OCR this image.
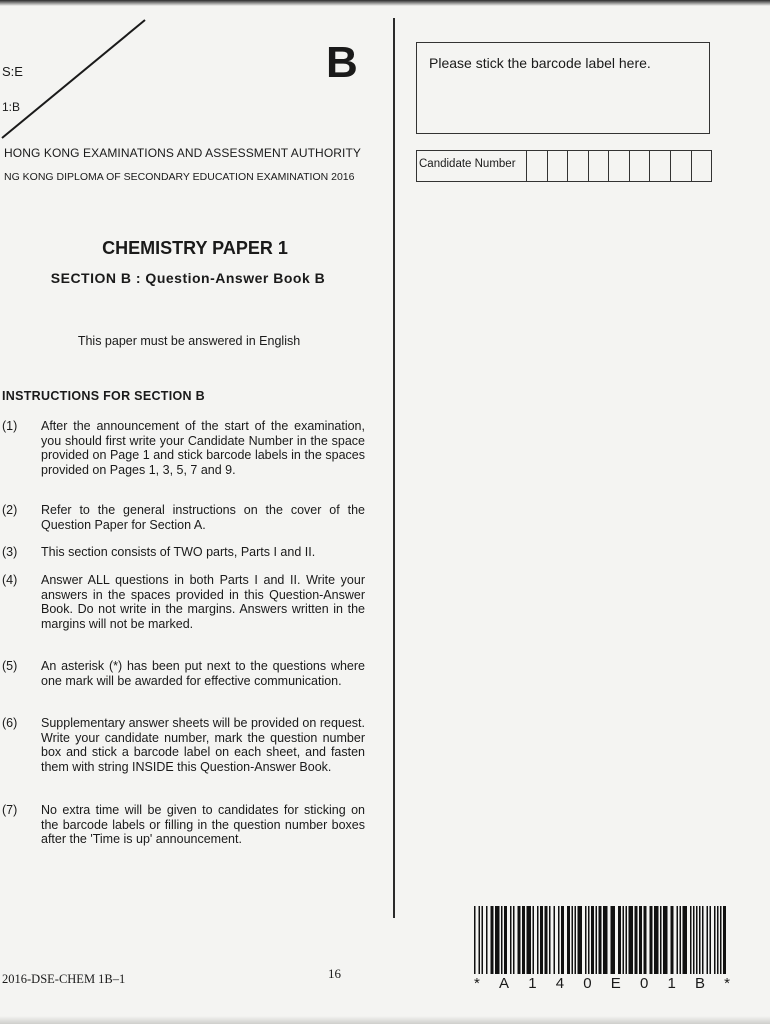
S:E
1:B
B
HONG KONG EXAMINATIONS AND ASSESSMENT AUTHORITY
NG KONG DIPLOMA OF SECONDARY EDUCATION EXAMINATION 2016
CHEMISTRY PAPER 1
SECTION B : Question-Answer Book B
This paper must be answered in English
INSTRUCTIONS FOR SECTION B
(1) After the announcement of the start of the examination, you should first write your Candidate Number in the space provided on Page 1 and stick barcode labels in the spaces provided on Pages 1, 3, 5, 7 and 9.
(2) Refer to the general instructions on the cover of the Question Paper for Section A.
(3) This section consists of TWO parts, Parts I and II.
(4) Answer ALL questions in both Parts I and II. Write your answers in the spaces provided in this Question-Answer Book. Do not write in the margins. Answers written in the margins will not be marked.
(5) An asterisk (*) has been put next to the questions where one mark will be awarded for effective communication.
(6) Supplementary answer sheets will be provided on request. Write your candidate number, mark the question number box and stick a barcode label on each sheet, and fasten them with string INSIDE this Question-Answer Book.
(7) No extra time will be given to candidates for sticking on the barcode labels or filling in the question number boxes after the 'Time is up' announcement.
Please stick the barcode label here.
Candidate Number
2016-DSE-CHEM 1B–1	16
* A 1 4 0 E 0 1 B *
